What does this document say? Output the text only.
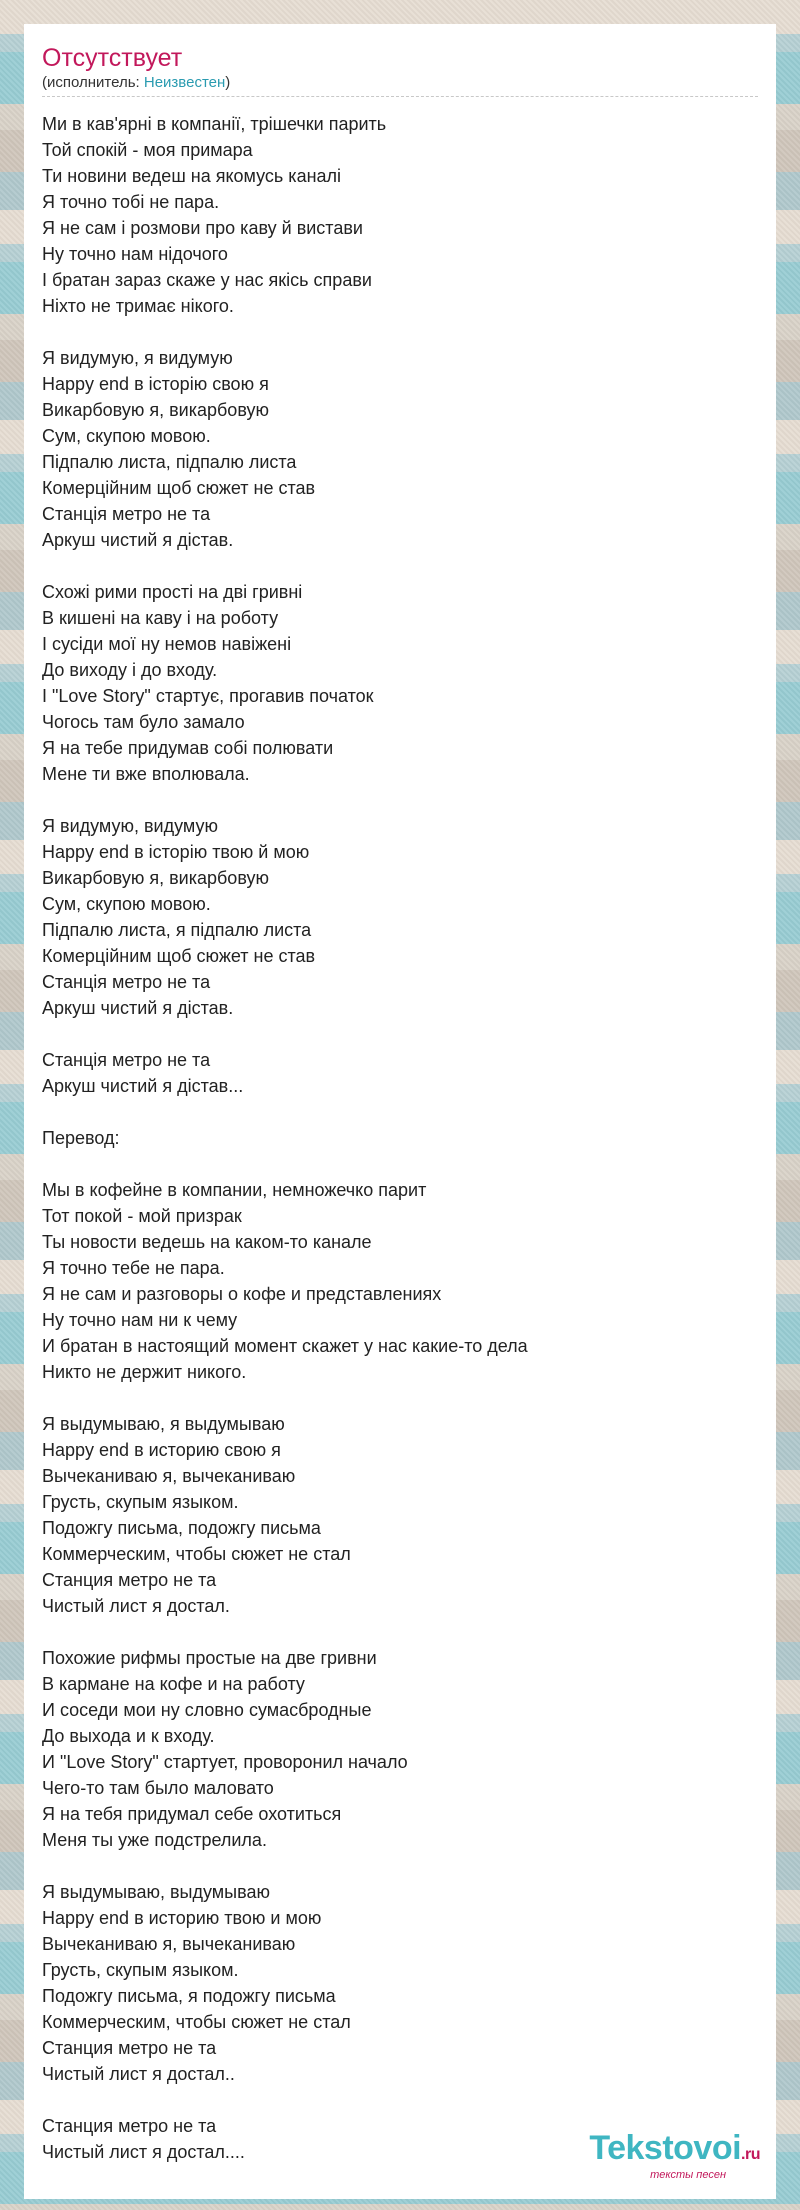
Отсутствует
(исполнитель: Неизвестен)
Ми в кав'ярні в компанії, трішечки парить
Той спокій - моя примара
Ти новини ведеш на якомусь каналі
Я точно тобі не пара.
Я не сам і розмови про каву й вистави
Ну точно нам нідочого
І братан зараз скаже у нас якісь справи
Ніхто не тримає нікого.

Я видумую, я видумую
Happy end в історію свою я
Викарбовую я, викарбовую
Сум, скупою мовою.
Підпалю листа, підпалю листа
Комерційним щоб сюжет не став
Станція метро не та
Аркуш чистий я дістав.

Схожі рими прості на дві гривні
В кишені на каву і на роботу
І сусіди мої ну немов навіжені
До виходу і до входу.
І "Love Story" стартує, прогавив початок
Чогось там було замало
Я на тебе придумав собі полювати
Мене ти вже вполювала.

Я видумую, видумую
Happy end в історію твою й мою
Викарбовую я, викарбовую
Сум, скупою мовою.
Підпалю листа, я підпалю листа
Комерційним щоб сюжет не став
Станція метро не та
Аркуш чистий я дістав.

Станція метро не та
Аркуш чистий я дістав...

Перевод:

Мы в кофейне в компании, немножечко парит
Тот покой - мой призрак
Ты новости ведешь на каком-то канале
Я точно тебе не пара.
Я не сам и разговоры о кофе и представлениях
Ну точно нам ни к чему
И братан в настоящий момент скажет у нас какие-то дела
Никто не держит никого.

Я выдумываю, я выдумываю
Happy end в историю свою я
Вычеканиваю я, вычеканиваю
Грусть, скупым языком.
Подожгу письма, подожгу письма
Коммерческим, чтобы сюжет не стал
Станция метро не та
Чистый лист я достал.

Похожие рифмы простые на две гривни
В кармане на кофе и на работу
И соседи мои ну словно сумасбродные
До выхода и к входу.
И "Love Story" стартует, проворонил начало
Чего-то там было маловато
Я на тебя придумал себе охотиться
Меня ты уже подстрелила.

Я выдумываю, выдумываю
Happy end в историю твою и мою
Вычеканиваю я, вычеканиваю
Грусть, скупым языком.
Подожгу письма, я подожгу письма
Коммерческим, чтобы сюжет не стал
Станция метро не та
Чистый лист я достал..

Станция метро не та
Чистый лист я достал....	Tekstovoi.ru
тексты песен
